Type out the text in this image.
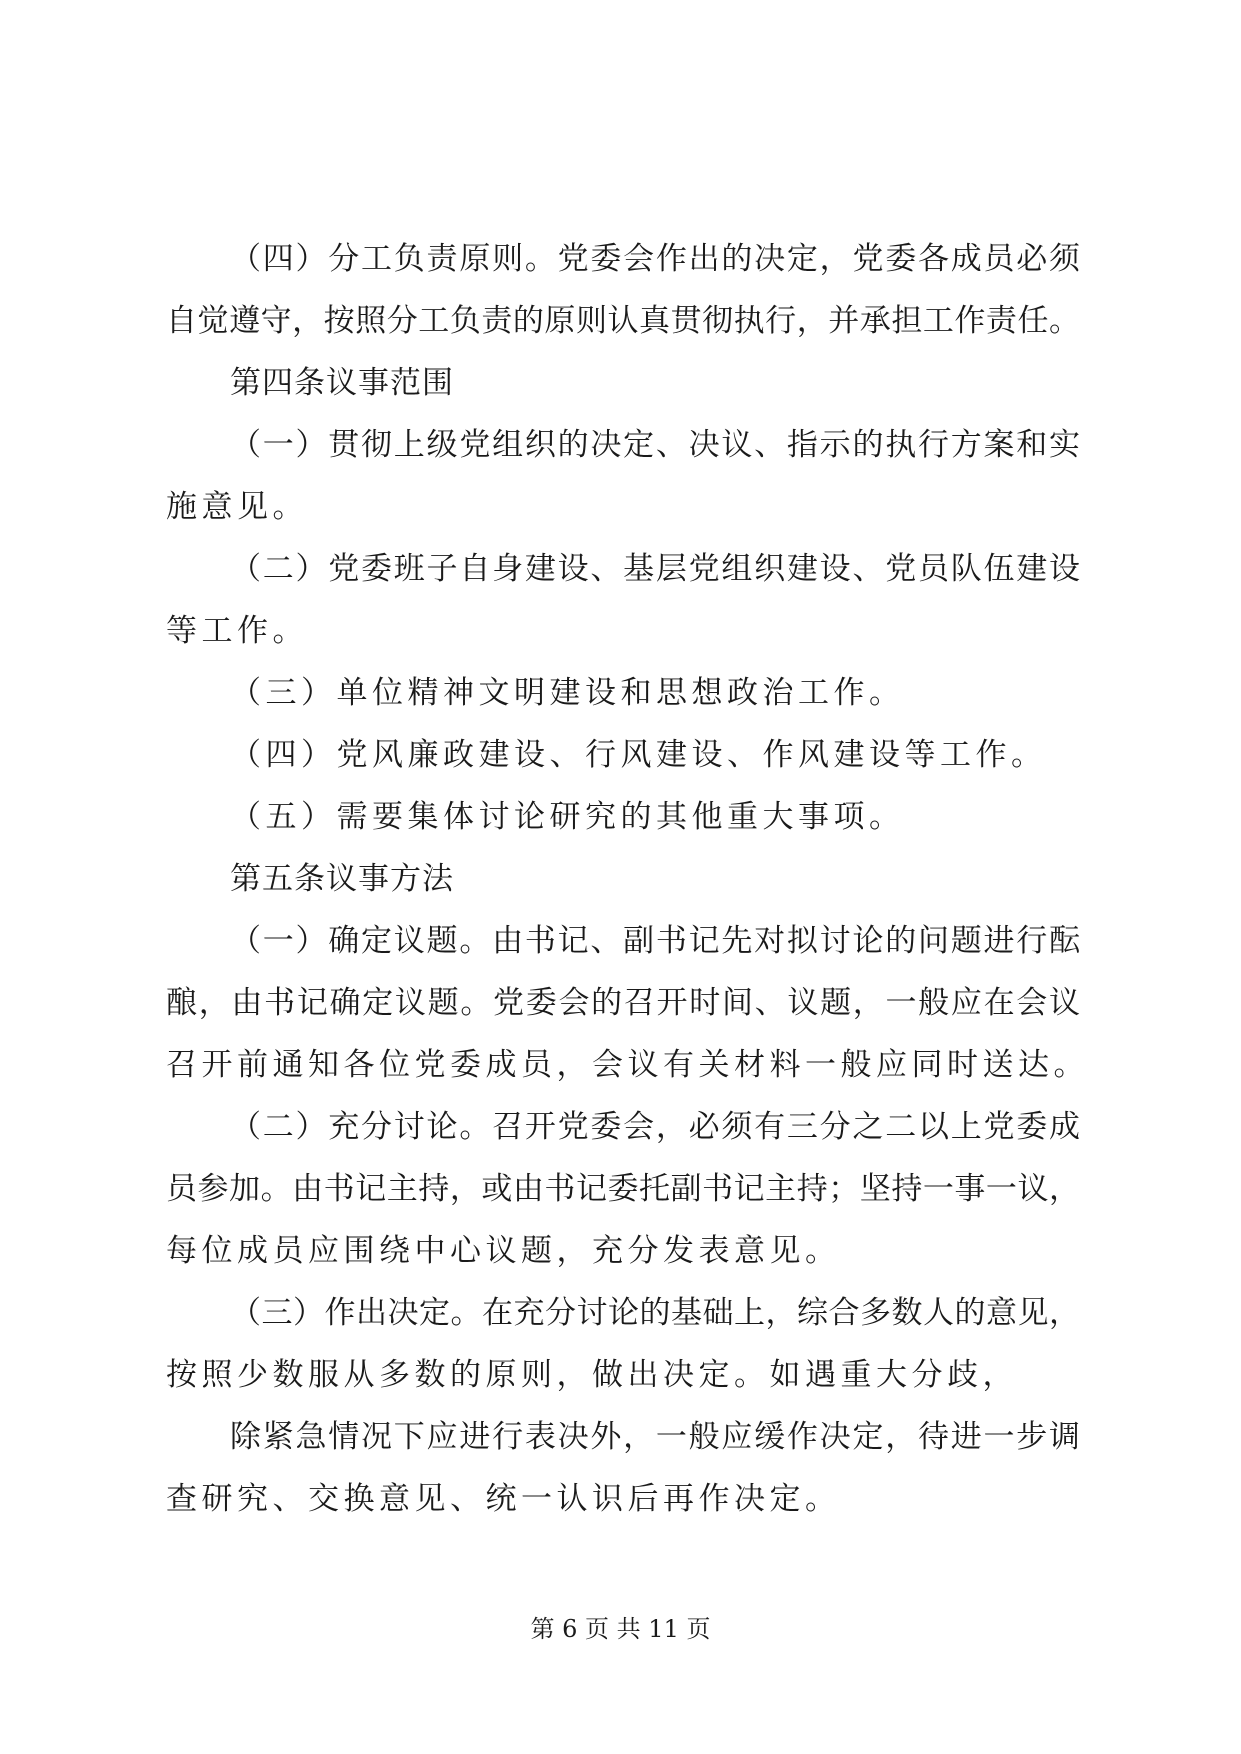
（四）分工负责原则。党委会作出的决定，党委各成员必须
自觉遵守，按照分工负责的原则认真贯彻执行，并承担工作责任。
第四条议事范围
（一）贯彻上级党组织的决定、决议、指示的执行方案和实
施意见。
（二）党委班子自身建设、基层党组织建设、党员队伍建设
等工作。
（三）单位精神文明建设和思想政治工作。
（四）党风廉政建设、行风建设、作风建设等工作。
（五）需要集体讨论研究的其他重大事项。
第五条议事方法
（一）确定议题。由书记、副书记先对拟讨论的问题进行酝
酿，由书记确定议题。党委会的召开时间、议题，一般应在会议
召开前通知各位党委成员，会议有关材料一般应同时送达。
（二）充分讨论。召开党委会，必须有三分之二以上党委成
员参加。由书记主持，或由书记委托副书记主持；坚持一事一议，
每位成员应围绕中心议题，充分发表意见。
（三）作出决定。在充分讨论的基础上，综合多数人的意见，
按照少数服从多数的原则，做出决定。如遇重大分歧，
除紧急情况下应进行表决外，一般应缓作决定，待进一步调
查研究、交换意见、统一认识后再作决定。
第 6 页 共 11 页
